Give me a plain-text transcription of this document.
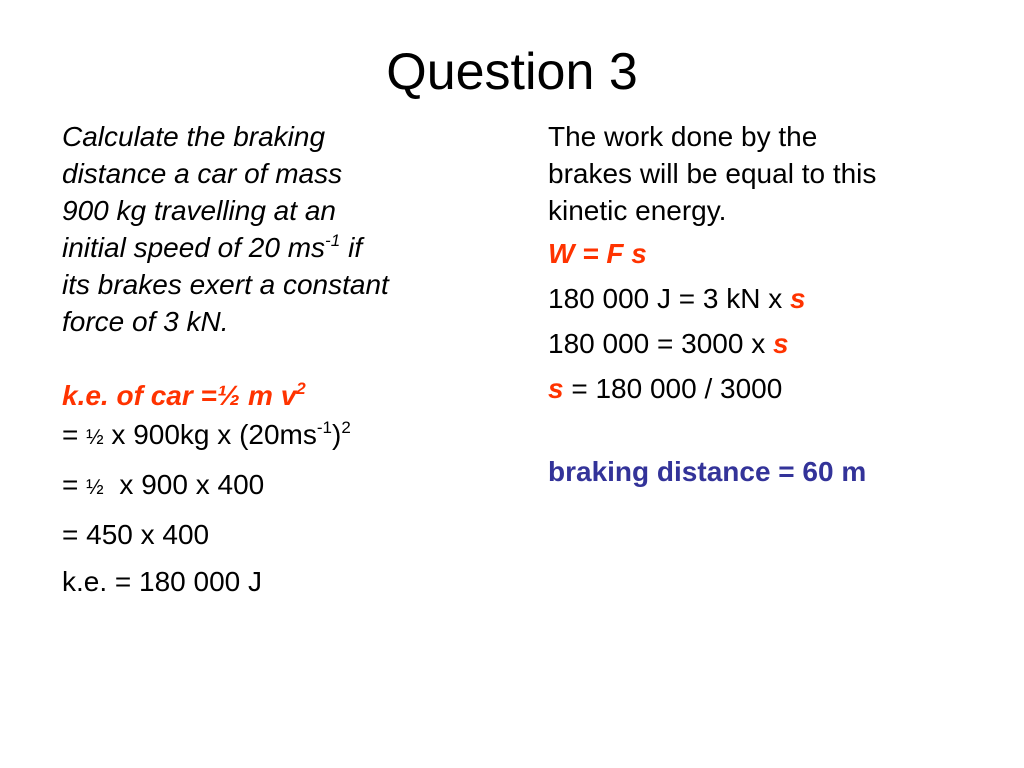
Question 3
Calculate the braking
distance a car of mass
900 kg travelling at an
initial speed of 20 $ms^{-1}$ if
its brakes exert a constant
force of 3 kN.
k.e. of car =½ m $v^2$
= ½ x 900kg x $(20ms^{-1})^2$
= ½ x 900 x 400
= 450 x 400
k.e. = 180 000 J
The work done by the
brakes will be equal to this
kinetic energy.
W = F s
180 000 J = 3 kN x s
180 000 = 3000 x s
s = 180 000 / 3000
braking distance = 60 m
